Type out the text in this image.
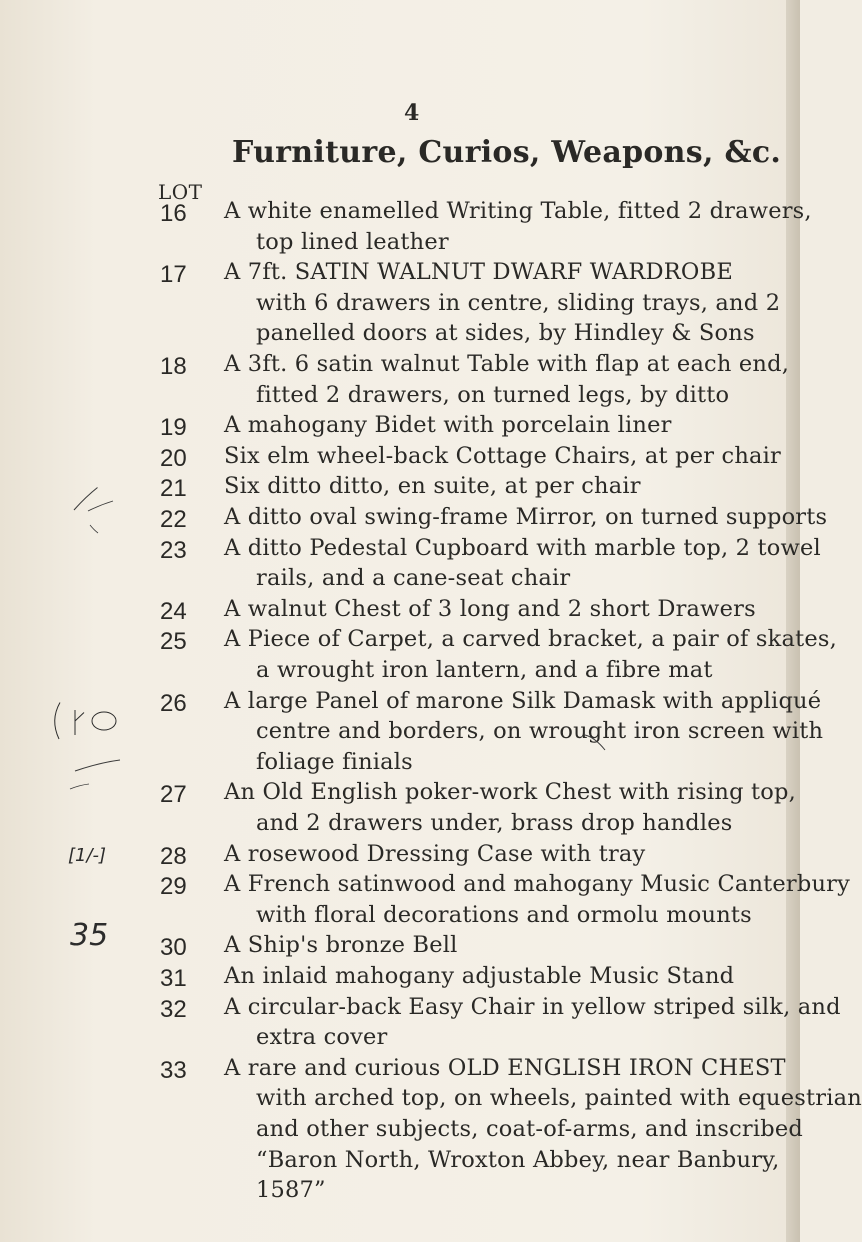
4
Furniture, Curios, Weapons, &c.
LOT
16	A white enamelled Writing Table, fitted 2 drawers,
top lined leather
17	A 7ft. SATIN WALNUT DWARF WARDROBE
with 6 drawers in centre, sliding trays, and 2
panelled doors at sides, by Hindley & Sons
18	A 3ft. 6 satin walnut Table with flap at each end,
fitted 2 drawers, on turned legs, by ditto
19	A mahogany Bidet with porcelain liner
20	Six elm wheel-back Cottage Chairs, at per chair
21	Six ditto ditto, en suite, at per chair
22	A ditto oval swing-frame Mirror, on turned supports
23	A ditto Pedestal Cupboard with marble top, 2 towel
rails, and a cane-seat chair
24	A walnut Chest of 3 long and 2 short Drawers
25	A Piece of Carpet, a carved bracket, a pair of skates,
a wrought iron lantern, and a fibre mat
26	A large Panel of marone Silk Damask with appliqué
centre and borders, on wrought iron screen with
foliage finials
27	An Old English poker-work Chest with rising top,
and 2 drawers under, brass drop handles
28	A rosewood Dressing Case with tray
29	A French satinwood and mahogany Music Canterbury
with floral decorations and ormolu mounts
30	A Ship's bronze Bell
31	An inlaid mahogany adjustable Music Stand
32	A circular-back Easy Chair in yellow striped silk, and
extra cover
33	A rare and curious OLD ENGLISH IRON CHEST
with arched top, on wheels, painted with equestrian
and other subjects, coat-of-arms, and inscribed
“Baron North, Wroxton Abbey, near Banbury,
1587”
35
[1/-]
